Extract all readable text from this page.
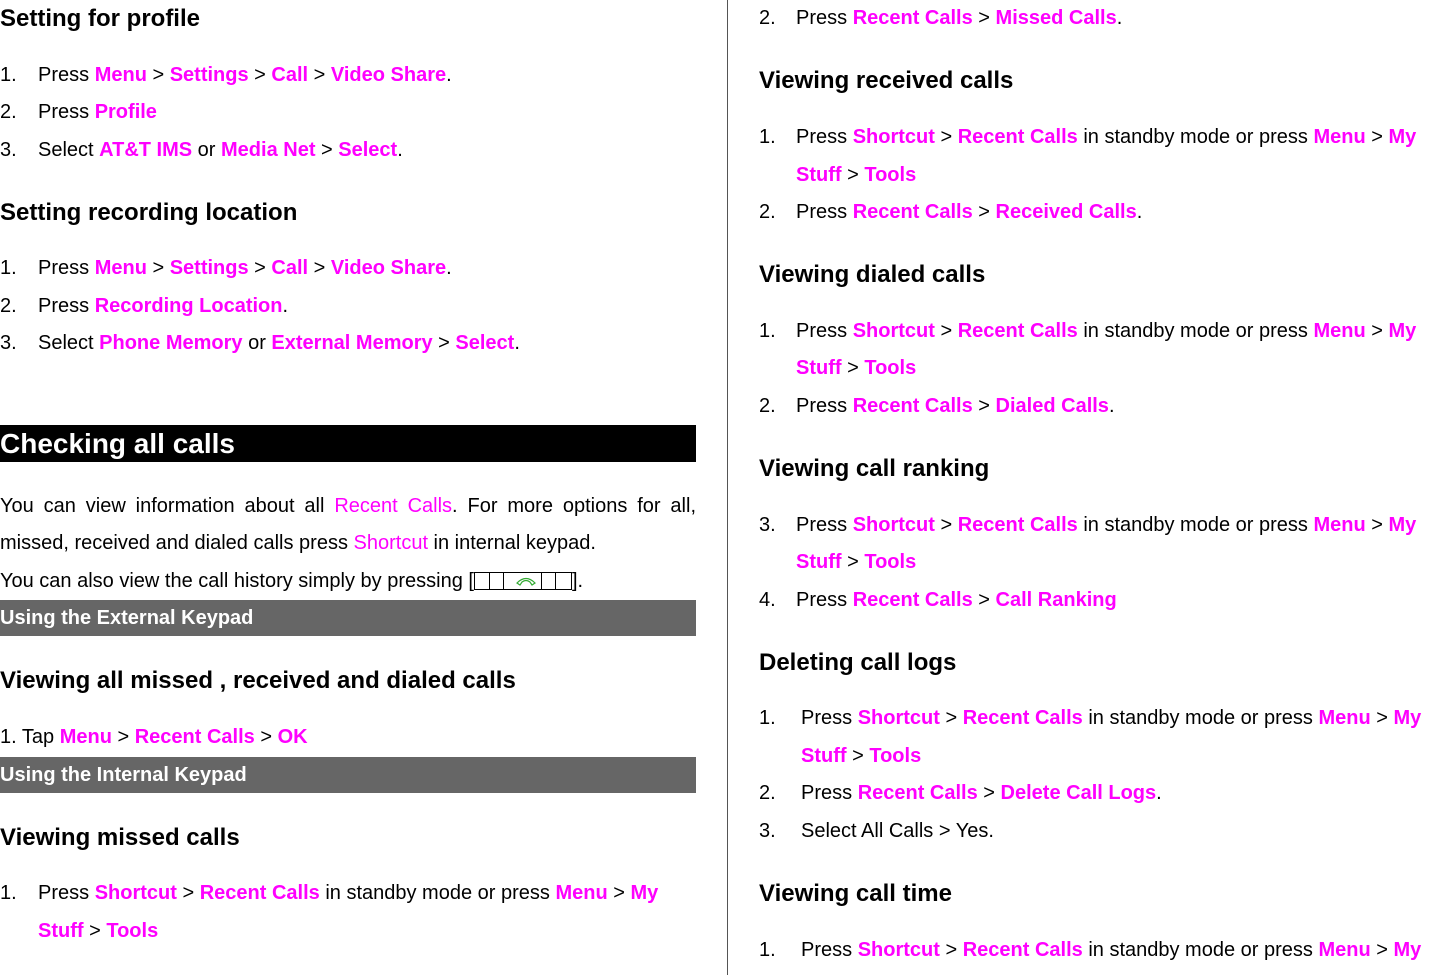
Setting for profile
1. Press Menu > Settings > Call > Video Share.
2. Press Profile
3. Select AT&T IMS or Media Net > Select.
Setting recording location
1. Press Menu > Settings > Call > Video Share.
2. Press Recording Location.
3. Select Phone Memory or External Memory > Select.
Checking all calls
You can view information about all Recent Calls. For more options for all, missed, received and dialed calls press Shortcut in internal keypad.
You can also view the call history simply by pressing [	].
Using the External Keypad
Viewing all missed , received and dialed calls
1. Tap Menu > Recent Calls > OK
Using the Internal Keypad
Viewing missed calls
1. Press Shortcut > Recent Calls in standby mode or press Menu > My
Stuff > Tools
2. Press Recent Calls > Missed Calls.
Viewing received calls
1. Press Shortcut > Recent Calls in standby mode or press Menu > My
Stuff > Tools
2. Press Recent Calls > Received Calls.
Viewing dialed calls
1. Press Shortcut > Recent Calls in standby mode or press Menu > My
Stuff > Tools
2. Press Recent Calls > Dialed Calls.
Viewing call ranking
3. Press Shortcut > Recent Calls in standby mode or press Menu > My
Stuff > Tools
4. Press Recent Calls > Call Ranking
Deleting call logs
1. Press Shortcut > Recent Calls in standby mode or press Menu > My
Stuff > Tools
2. Press Recent Calls > Delete Call Logs.
3. Select All Calls > Yes.
Viewing call time
1. Press Shortcut > Recent Calls in standby mode or press Menu > My
